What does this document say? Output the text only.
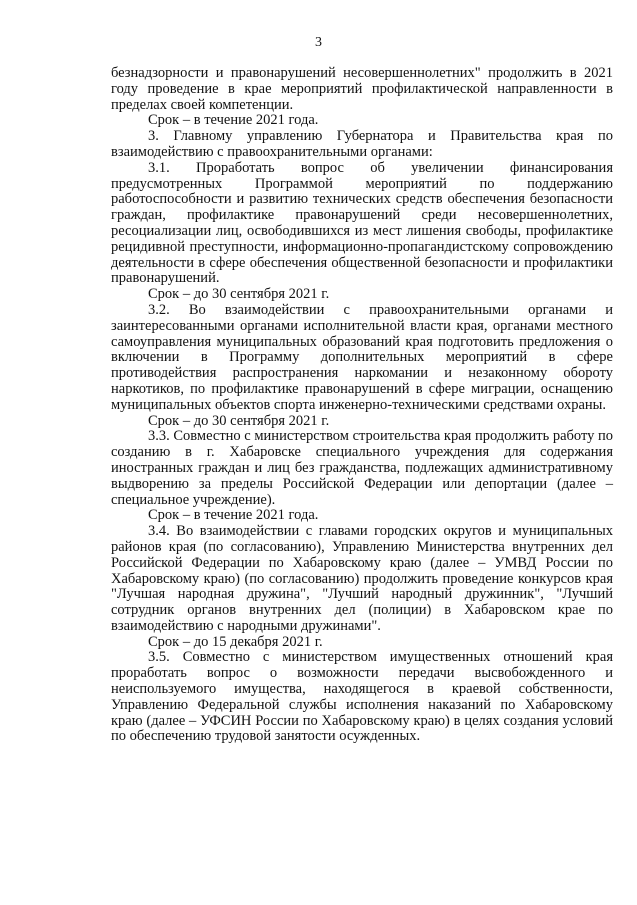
3

безнадзорности и правонарушений несовершеннолетних" продолжить в 2021 году проведение в крае мероприятий профилактической направленности в пределах своей компетенции.

Срок – в течение 2021 года.

3. Главному управлению Губернатора и Правительства края по взаимодействию с правоохранительными органами:

3.1. Проработать вопрос об увеличении финансирования предусмотренных Программой мероприятий по поддержанию работоспособности и развитию технических средств обеспечения безопасности граждан, профилактике правонарушений среди несовершеннолетних, ресоциализации лиц, освободившихся из мест лишения свободы, профилактике рецидивной преступности, информационно-пропагандистскому сопровождению деятельности в сфере обеспечения общественной безопасности и профилактики правонарушений.

Срок – до 30 сентября 2021 г.

3.2. Во взаимодействии с правоохранительными органами и заинтересованными органами исполнительной власти края, органами местного самоуправления муниципальных образований края подготовить предложения о включении в Программу дополнительных мероприятий в сфере противодействия распространения наркомании и незаконному обороту наркотиков, по профилактике правонарушений в сфере миграции, оснащению муниципальных объектов спорта инженерно-техническими средствами охраны.

Срок – до 30 сентября 2021 г.

3.3. Совместно с министерством строительства края продолжить работу по созданию в г. Хабаровске специального учреждения для содержания иностранных граждан и лиц без гражданства, подлежащих административному выдворению за пределы Российской Федерации или депортации (далее – специальное учреждение).

Срок – в течение 2021 года.

3.4. Во взаимодействии с главами городских округов и муниципальных районов края (по согласованию), Управлению Министерства внутренних дел Российской Федерации по Хабаровскому краю (далее – УМВД России по Хабаровскому краю) (по согласованию) продолжить проведение конкурсов края "Лучшая народная дружина", "Лучший народный дружинник", "Лучший сотрудник органов внутренних дел (полиции) в Хабаровском крае по взаимодействию с народными дружинами".

Срок – до 15 декабря 2021 г.

3.5. Совместно с министерством имущественных отношений края проработать вопрос о возможности передачи высвобожденного и неиспользуемого имущества, находящегося в краевой собственности, Управлению Федеральной службы исполнения наказаний по Хабаровскому краю (далее – УФСИН России по Хабаровскому краю) в целях создания условий по обеспечению трудовой занятости осужденных.
